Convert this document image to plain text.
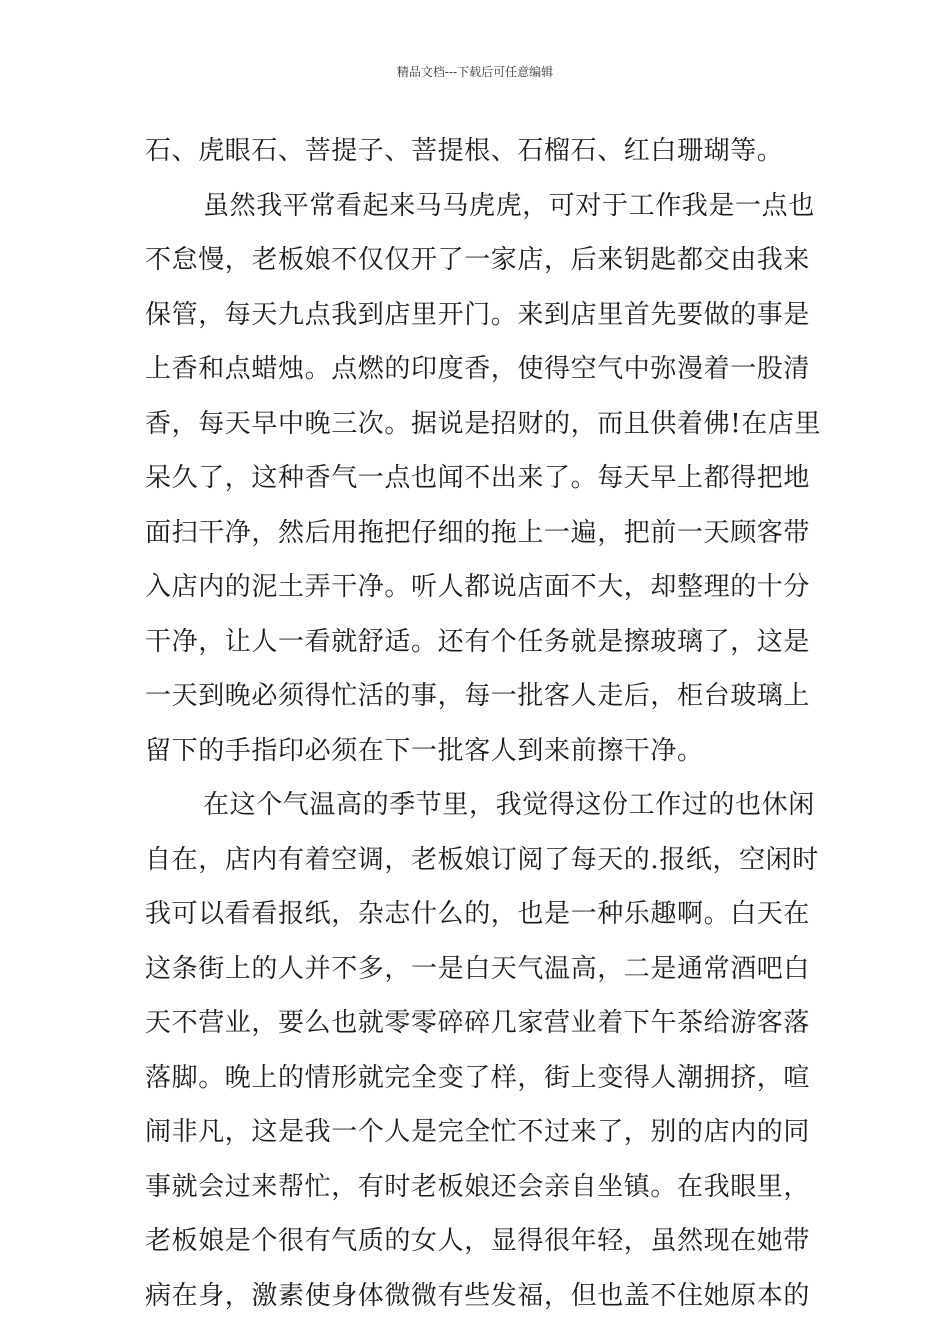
精品文档---下载后可任意编辑
石、虎眼石、菩提子、菩提根、石榴石、红白珊瑚等。
虽然我平常看起来马马虎虎，可对于工作我是一点也
不怠慢，老板娘不仅仅开了一家店，后来钥匙都交由我来
保管，每天九点我到店里开门。来到店里首先要做的事是
上香和点蜡烛。点燃的印度香，使得空气中弥漫着一股清
香，每天早中晚三次。据说是招财的，而且供着佛!在店里
呆久了，这种香气一点也闻不出来了。每天早上都得把地
面扫干净，然后用拖把仔细的拖上一遍，把前一天顾客带
入店内的泥土弄干净。听人都说店面不大，却整理的十分
干净，让人一看就舒适。还有个任务就是擦玻璃了，这是
一天到晚必须得忙活的事，每一批客人走后，柜台玻璃上
留下的手指印必须在下一批客人到来前擦干净。
在这个气温高的季节里，我觉得这份工作过的也休闲
自在，店内有着空调，老板娘订阅了每天的.报纸，空闲时
我可以看看报纸，杂志什么的，也是一种乐趣啊。白天在
这条街上的人并不多，一是白天气温高，二是通常酒吧白
天不营业，要么也就零零碎碎几家营业着下午茶给游客落
落脚。晚上的情形就完全变了样，街上变得人潮拥挤，喧
闹非凡，这是我一个人是完全忙不过来了，别的店内的同
事就会过来帮忙，有时老板娘还会亲自坐镇。在我眼里，
老板娘是个很有气质的女人，显得很年轻，虽然现在她带
病在身，激素使身体微微有些发福，但也盖不住她原本的
